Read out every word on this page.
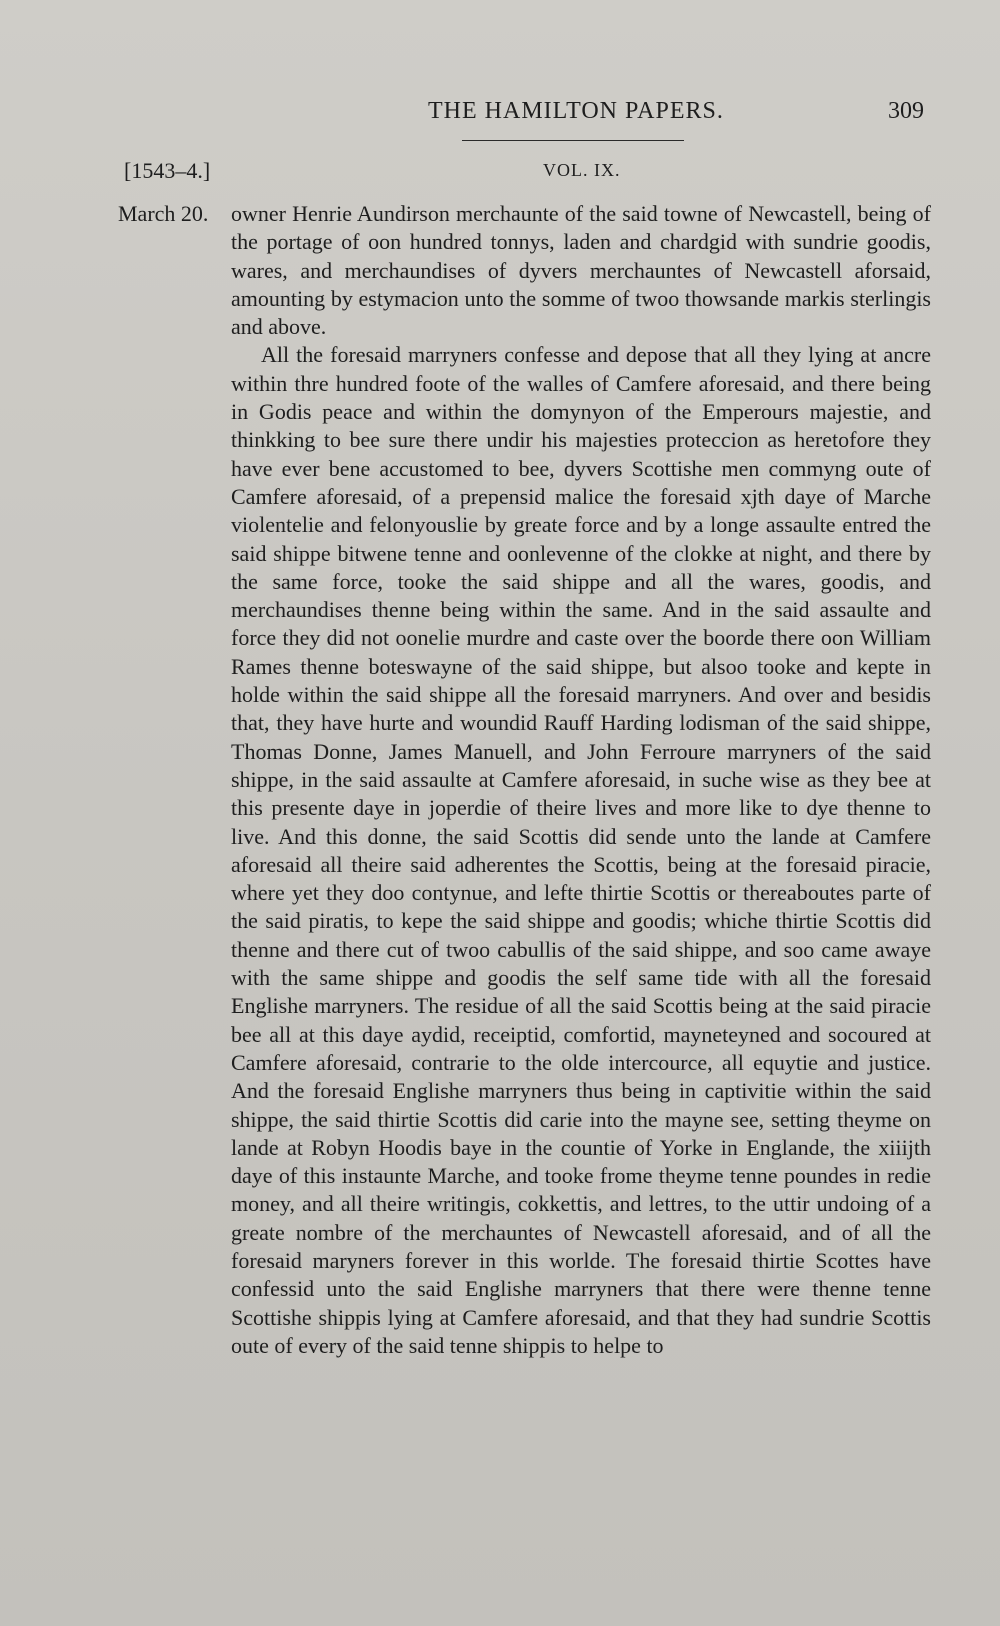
THE HAMILTON PAPERS.	309
[1543–4.]	VOL. IX.
March 20. owner Henrie Aundirson merchaunte of the said towne of Newcastell, being of the portage of oon hundred tonnys, laden and chardgid with sundrie goodis, wares, and merchaundises of dyvers merchauntes of Newcastell aforsaid, amounting by estymacion unto the somme of twoo thowsande markis sterlingis and above.

All the foresaid marryners confesse and depose that all they lying at ancre within thre hundred foote of the walles of Camfere aforesaid, and there being in Godis peace and within the domynyon of the Emperours majestie, and thinkking to bee sure there undir his majesties proteccion as heretofore they have ever bene accustomed to bee, dyvers Scottishe men commyng oute of Camfere aforesaid, of a prepensid malice the foresaid xjth daye of Marche violentelie and felonyouslie by greate force and by a longe assaulte entred the said shippe bitwene tenne and oonlevenne of the clokke at night, and there by the same force, tooke the said shippe and all the wares, goodis, and merchaundises thenne being within the same. And in the said assaulte and force they did not oonelie murdre and caste over the boorde there oon William Rames thenne boteswayne of the said shippe, but alsoo tooke and kepte in holde within the said shippe all the foresaid marryners. And over and besidis that, they have hurte and woundid Rauff Harding lodisman of the said shippe, Thomas Donne, James Manuell, and John Ferroure marryners of the said shippe, in the said assaulte at Camfere aforesaid, in suche wise as they bee at this presente daye in joperdie of theire lives and more like to dye thenne to live. And this donne, the said Scottis did sende unto the lande at Camfere aforesaid all theire said adherentes the Scottis, being at the foresaid piracie, where yet they doo contynue, and lefte thirtie Scottis or thereaboutes parte of the said piratis, to kepe the said shippe and goodis; whiche thirtie Scottis did thenne and there cut of twoo cabullis of the said shippe, and soo came awaye with the same shippe and goodis the self same tide with all the foresaid Englishe marryners. The residue of all the said Scottis being at the said piracie bee all at this daye aydid, receiptid, comfortid, mayneteyned and socoured at Camfere aforesaid, contrarie to the olde intercource, all equytie and justice. And the foresaid Englishe marryners thus being in captivitie within the said shippe, the said thirtie Scottis did carie into the mayne see, setting theyme on lande at Robyn Hoodis baye in the countie of Yorke in Englande, the xiiijth daye of this instaunte Marche, and tooke frome theyme tenne poundes in redie money, and all theire writingis, cokkettis, and lettres, to the uttir undoing of a greate nombre of the merchauntes of Newcastell aforesaid, and of all the foresaid maryners forever in this worlde. The foresaid thirtie Scottes have confessid unto the said Englishe marryners that there were thenne tenne Scottishe shippis lying at Camfere aforesaid, and that they had sundrie Scottis oute of every of the said tenne shippis to helpe to
